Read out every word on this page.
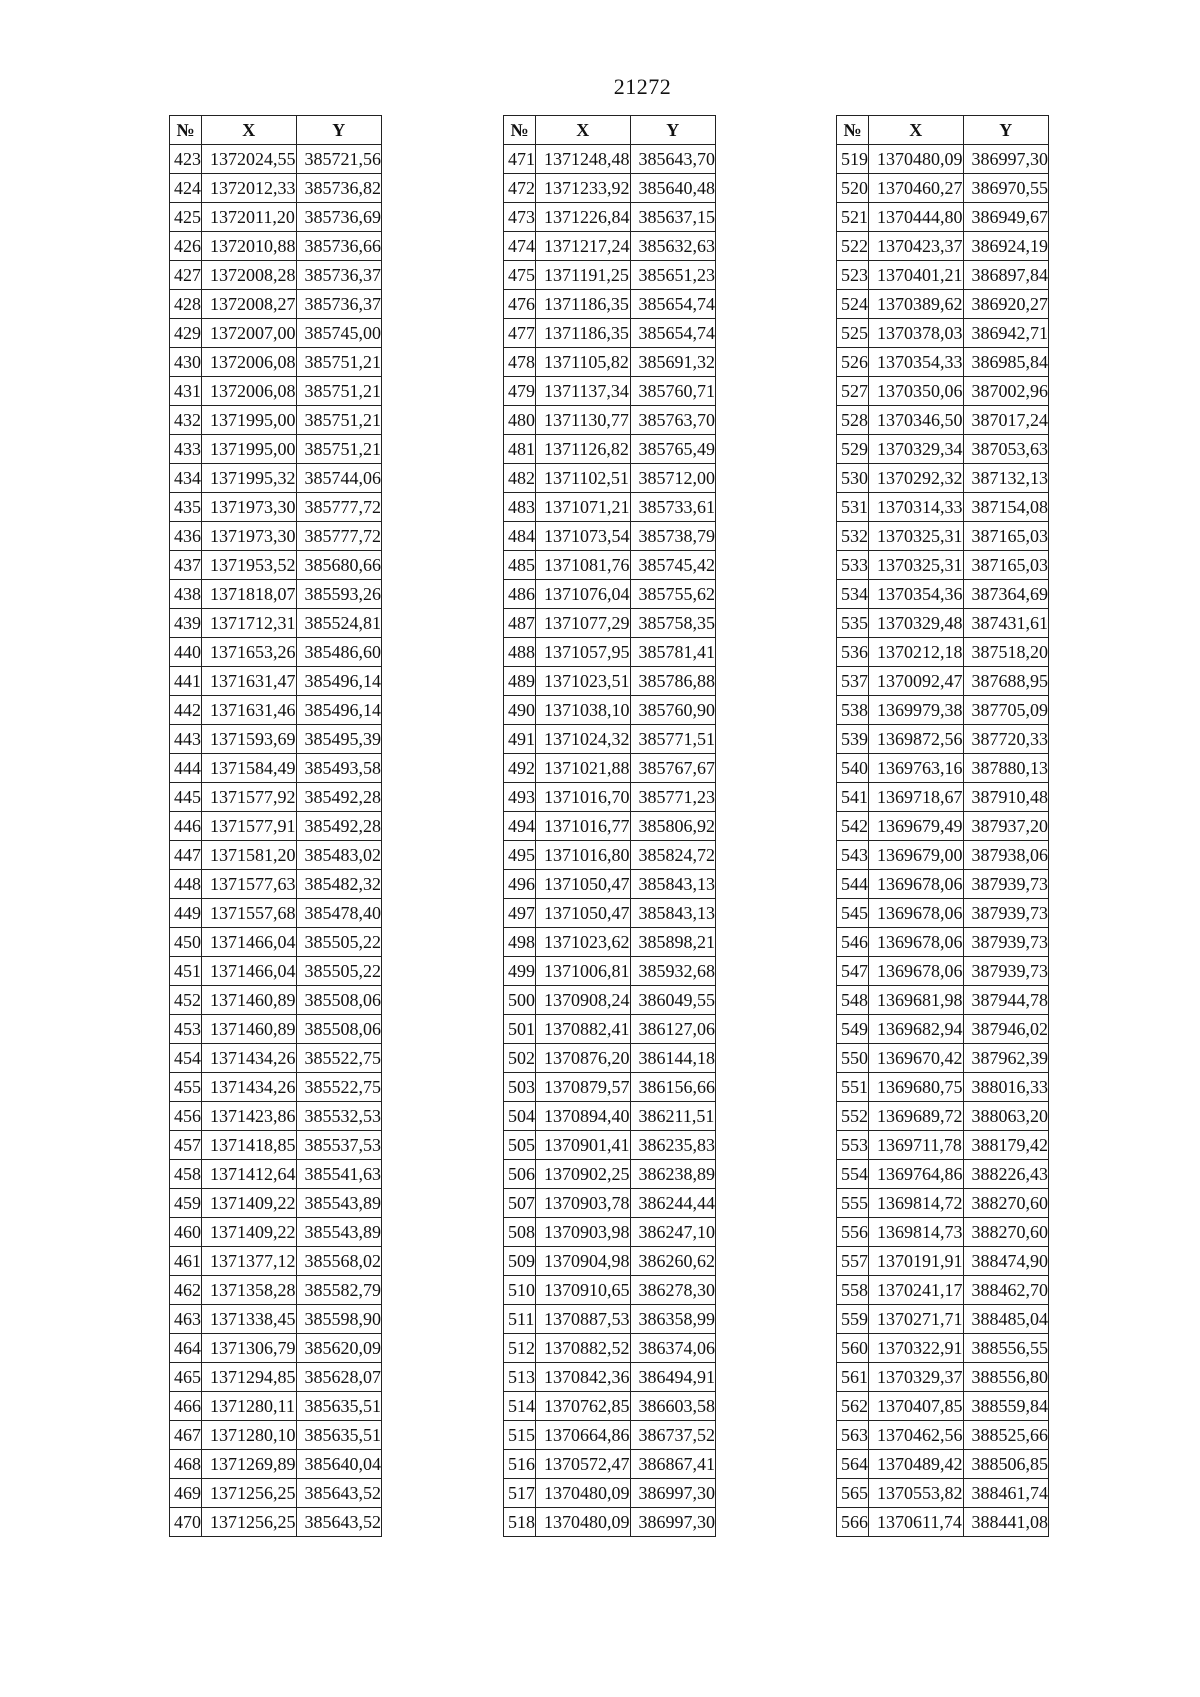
21272
№	X	Y
423	1372024,55	385721,56
424	1372012,33	385736,82
425	1372011,20	385736,69
426	1372010,88	385736,66
427	1372008,28	385736,37
428	1372008,27	385736,37
429	1372007,00	385745,00
430	1372006,08	385751,21
431	1372006,08	385751,21
432	1371995,00	385751,21
433	1371995,00	385751,21
434	1371995,32	385744,06
435	1371973,30	385777,72
436	1371973,30	385777,72
437	1371953,52	385680,66
438	1371818,07	385593,26
439	1371712,31	385524,81
440	1371653,26	385486,60
441	1371631,47	385496,14
442	1371631,46	385496,14
443	1371593,69	385495,39
444	1371584,49	385493,58
445	1371577,92	385492,28
446	1371577,91	385492,28
447	1371581,20	385483,02
448	1371577,63	385482,32
449	1371557,68	385478,40
450	1371466,04	385505,22
451	1371466,04	385505,22
452	1371460,89	385508,06
453	1371460,89	385508,06
454	1371434,26	385522,75
455	1371434,26	385522,75
456	1371423,86	385532,53
457	1371418,85	385537,53
458	1371412,64	385541,63
459	1371409,22	385543,89
460	1371409,22	385543,89
461	1371377,12	385568,02
462	1371358,28	385582,79
463	1371338,45	385598,90
464	1371306,79	385620,09
465	1371294,85	385628,07
466	1371280,11	385635,51
467	1371280,10	385635,51
468	1371269,89	385640,04
469	1371256,25	385643,52
470	1371256,25	385643,52
№	X	Y
471	1371248,48	385643,70
472	1371233,92	385640,48
473	1371226,84	385637,15
474	1371217,24	385632,63
475	1371191,25	385651,23
476	1371186,35	385654,74
477	1371186,35	385654,74
478	1371105,82	385691,32
479	1371137,34	385760,71
480	1371130,77	385763,70
481	1371126,82	385765,49
482	1371102,51	385712,00
483	1371071,21	385733,61
484	1371073,54	385738,79
485	1371081,76	385745,42
486	1371076,04	385755,62
487	1371077,29	385758,35
488	1371057,95	385781,41
489	1371023,51	385786,88
490	1371038,10	385760,90
491	1371024,32	385771,51
492	1371021,88	385767,67
493	1371016,70	385771,23
494	1371016,77	385806,92
495	1371016,80	385824,72
496	1371050,47	385843,13
497	1371050,47	385843,13
498	1371023,62	385898,21
499	1371006,81	385932,68
500	1370908,24	386049,55
501	1370882,41	386127,06
502	1370876,20	386144,18
503	1370879,57	386156,66
504	1370894,40	386211,51
505	1370901,41	386235,83
506	1370902,25	386238,89
507	1370903,78	386244,44
508	1370903,98	386247,10
509	1370904,98	386260,62
510	1370910,65	386278,30
511	1370887,53	386358,99
512	1370882,52	386374,06
513	1370842,36	386494,91
514	1370762,85	386603,58
515	1370664,86	386737,52
516	1370572,47	386867,41
517	1370480,09	386997,30
518	1370480,09	386997,30
№	X	Y
519	1370480,09	386997,30
520	1370460,27	386970,55
521	1370444,80	386949,67
522	1370423,37	386924,19
523	1370401,21	386897,84
524	1370389,62	386920,27
525	1370378,03	386942,71
526	1370354,33	386985,84
527	1370350,06	387002,96
528	1370346,50	387017,24
529	1370329,34	387053,63
530	1370292,32	387132,13
531	1370314,33	387154,08
532	1370325,31	387165,03
533	1370325,31	387165,03
534	1370354,36	387364,69
535	1370329,48	387431,61
536	1370212,18	387518,20
537	1370092,47	387688,95
538	1369979,38	387705,09
539	1369872,56	387720,33
540	1369763,16	387880,13
541	1369718,67	387910,48
542	1369679,49	387937,20
543	1369679,00	387938,06
544	1369678,06	387939,73
545	1369678,06	387939,73
546	1369678,06	387939,73
547	1369678,06	387939,73
548	1369681,98	387944,78
549	1369682,94	387946,02
550	1369670,42	387962,39
551	1369680,75	388016,33
552	1369689,72	388063,20
553	1369711,78	388179,42
554	1369764,86	388226,43
555	1369814,72	388270,60
556	1369814,73	388270,60
557	1370191,91	388474,90
558	1370241,17	388462,70
559	1370271,71	388485,04
560	1370322,91	388556,55
561	1370329,37	388556,80
562	1370407,85	388559,84
563	1370462,56	388525,66
564	1370489,42	388506,85
565	1370553,82	388461,74
566	1370611,74	388441,08
